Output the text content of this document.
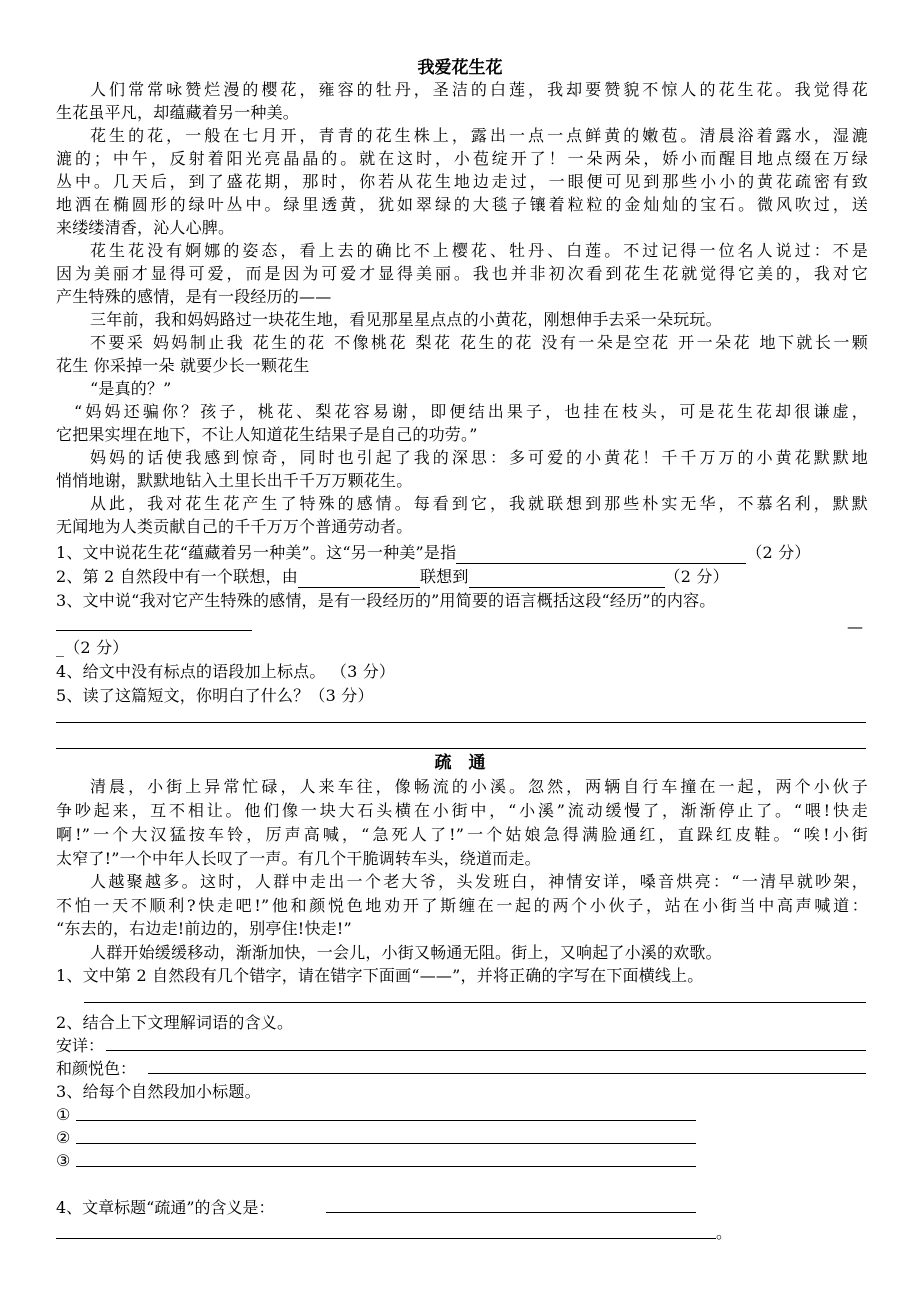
我爱花生花
人们常常咏赞烂漫的樱花，雍容的牡丹，圣洁的白莲，我却要赞貌不惊人的花生花。我觉得花
生花虽平凡，却蕴藏着另一种美。
花生的花，一般在七月开，青青的花生株上，露出一点一点鲜黄的嫩苞。清晨浴着露水，湿漉
漉的；中午，反射着阳光亮晶晶的。就在这时，小苞绽开了！一朵两朵，娇小而醒目地点缀在万绿
丛中。几天后，到了盛花期，那时，你若从花生地边走过，一眼便可见到那些小小的黄花疏密有致
地洒在椭圆形的绿叶丛中。绿里透黄，犹如翠绿的大毯子镶着粒粒的金灿灿的宝石。微风吹过，送
来缕缕清香，沁人心脾。
花生花没有婀娜的姿态，看上去的确比不上樱花、牡丹、白莲。不过记得一位名人说过：不是
因为美丽才显得可爱，而是因为可爱才显得美丽。我也并非初次看到花生花就觉得它美的，我对它
产生特殊的感情，是有一段经历的——
三年前，我和妈妈路过一块花生地，看见那星星点点的小黄花，刚想伸手去采一朵玩玩。
不要采 妈妈制止我 花生的花 不像桃花 梨花 花生的花 没有一朵是空花 开一朵花 地下就长一颗
花生 你采掉一朵 就要少长一颗花生
“是真的？”
“妈妈还骗你？孩子，桃花、梨花容易谢，即便结出果子，也挂在枝头，可是花生花却很谦虚，
它把果实埋在地下，不让人知道花生结果子是自己的功劳。”
妈妈的话使我感到惊奇，同时也引起了我的深思：多可爱的小黄花！千千万万的小黄花默默地
悄悄地谢，默默地钻入土里长出千千万万颗花生。
从此，我对花生花产生了特殊的感情。每看到它，我就联想到那些朴实无华，不慕名利，默默
无闻地为人类贡献自己的千千万万个普通劳动者。
1、文中说花生花“蕴藏着另一种美”。这“另一种美”是指	（2 分）
2、第 2 自然段中有一个联想，由	联想到	（2 分）
3、文中说“我对它产生特殊的感情，是有一段经历的”用简要的语言概括这段“经历”的内容。
—
_（2 分）
4、给文中没有标点的语段加上标点。 （3 分）
5、读了这篇短文，你明白了什么？（3 分）
疏　通
清晨，小街上异常忙碌，人来车往，像畅流的小溪。忽然，两辆自行车撞在一起，两个小伙子
争吵起来，互不相让。他们像一块大石头横在小街中，“小溪”流动缓慢了，渐渐停止了。“喂!快走
啊!”一个大汉猛按车铃，厉声高喊，“急死人了!”一个姑娘急得满脸通红，直跺红皮鞋。“唉!小街
太窄了!”一个中年人长叹了一声。有几个干脆调转车头，绕道而走。
人越聚越多。这时，人群中走出一个老大爷，头发班白，神情安详，嗓音烘亮：“一清早就吵架，
不怕一天不顺利?快走吧!”他和颜悦色地劝开了斯缠在一起的两个小伙子，站在小街当中高声喊道：
“东去的，右边走!前边的，别亭住!快走!”
人群开始缓缓移动，渐渐加快，一会儿，小街又畅通无阻。街上，又响起了小溪的欢歌。
1、文中第 2 自然段有几个错字，请在错字下面画“——”，并将正确的字写在下面横线上。
2、结合上下文理解词语的含义。
安详：
和颜悦色：
3、给每个自然段加小标题。
①
②
③
4、文章标题“疏通”的含义是：
。
